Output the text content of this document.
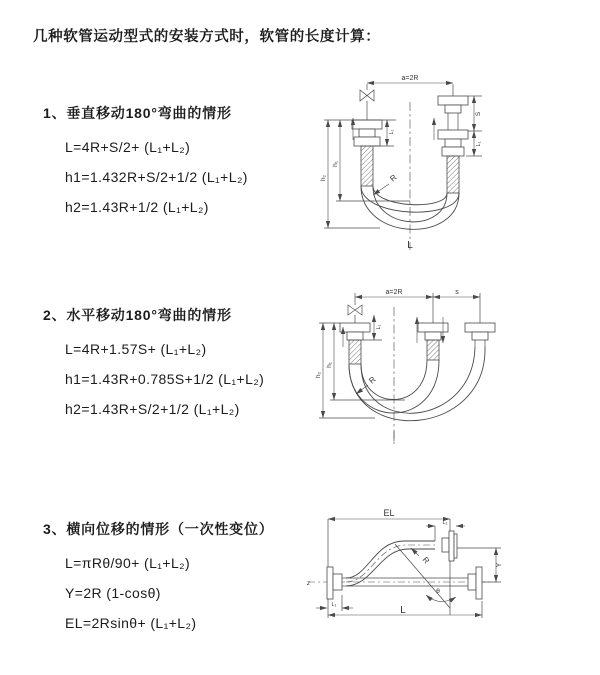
几种软管运动型式的安装方式时，软管的长度计算：
1、垂直移动180°弯曲的情形
L=4R+S/2+ (L₁+L₂)
h1=1.432R+S/2+1/2 (L₁+L₂)
h2=1.43R+1/2 (L₁+L₂)
2、水平移动180°弯曲的情形
L=4R+1.57S+ (L₁+L₂)
h1=1.43R+0.785S+1/2 (L₁+L₂)
h2=1.43R+S/2+1/2 (L₁+L₂)
3、横向位移的情形（一次性变位）
L=πRθ/90+ (L₁+L₂)
Y=2R (1-cosθ)
EL=2Rsinθ+ (L₁+L₂)
a=2R
h₂
h₁
L₁
S
L₁
R
L
a=2R	s
L₁
h₂
h₁
R
z
EL
L₁
Y
θ
R
L₁	L
